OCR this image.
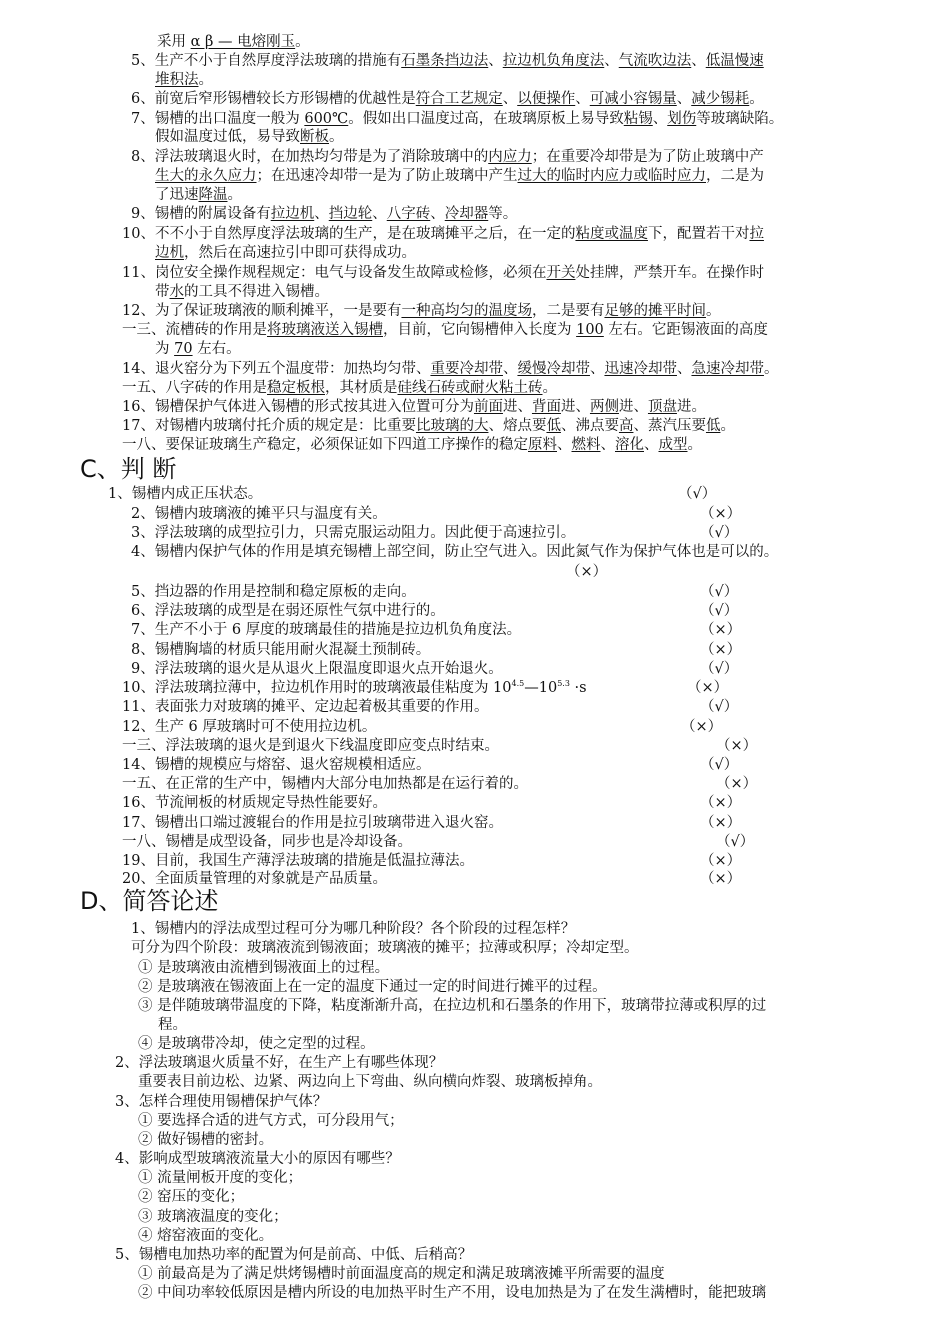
采用 α β — 电熔刚玉。
5、生产不小于自然厚度浮法玻璃的措施有石墨条挡边法、拉边机负角度法、气流吹边法、低温慢速
堆积法。
6、前宽后窄形锡槽较长方形锡槽的优越性是符合工艺规定、以便操作、可减小容锡量、减少锡耗。
7、锡槽的出口温度一般为 600℃。假如出口温度过高，在玻璃原板上易导致粘锡、划伤等玻璃缺陷。
假如温度过低，易导致断板。
8、浮法玻璃退火时，在加热均匀带是为了消除玻璃中的内应力；在重要冷却带是为了防止玻璃中产
生大的永久应力；在迅速冷却带一是为了防止玻璃中产生过大的临时内应力或临时应力，二是为
了迅速降温。
9、锡槽的附属设备有拉边机、挡边轮、八字砖、冷却器等。
10、不不小于自然厚度浮法玻璃的生产，是在玻璃摊平之后，在一定的粘度或温度下，配置若干对拉
边机，然后在高速拉引中即可获得成功。
11、岗位安全操作规程规定：电气与设备发生故障或检修，必须在开关处挂牌，严禁开车。在操作时
带水的工具不得进入锡槽。
12、为了保证玻璃液的顺利摊平，一是要有一种高均匀的温度场，二是要有足够的摊平时间。
一三、流槽砖的作用是将玻璃液送入锡槽，目前，它向锡槽伸入长度为 100 左右。它距锡液面的高度
为 70 左右。
14、退火窑分为下列五个温度带：加热均匀带、重要冷却带、缓慢冷却带、迅速冷却带、急速冷却带。
一五、八字砖的作用是稳定板根，其材质是硅线石砖或耐火粘土砖。
16、锡槽保护气体进入锡槽的形式按其进入位置可分为前面进、背面进、两侧进、顶盘进。
17、对锡槽内玻璃付托介质的规定是：比重要比玻璃的大、熔点要低、沸点要高、蒸汽压要低。
一八、要保证玻璃生产稳定，必须保证如下四道工序操作的稳定原料、燃料、溶化、成型。
C、判 断
1、锡槽内成正压状态。	（√）
2、锡槽内玻璃液的摊平只与温度有关。	（×）
3、浮法玻璃的成型拉引力，只需克服运动阻力。因此便于高速拉引。	（√）
4、锡槽内保护气体的作用是填充锡槽上部空间，防止空气进入。因此氮气作为保护气体也是可以的。
（×）
5、挡边器的作用是控制和稳定原板的走向。	（√）
6、浮法玻璃的成型是在弱还原性气氛中进行的。	（√）
7、生产不小于 6 厚度的玻璃最佳的措施是拉边机负角度法。	（×）
8、锡槽胸墙的材质只能用耐火混凝土预制砖。	（×）
9、浮法玻璃的退火是从退火上限温度即退火点开始退火。	（√）
10、浮法玻璃拉薄中，拉边机作用时的玻璃液最佳粘度为 $10^{4.5}—10^{5.3} \cdot s$	（×）
11、表面张力对玻璃的摊平、定边起着极其重要的作用。	（√）
12、生产 6 厚玻璃时可不使用拉边机。	（×）
一三、浮法玻璃的退火是到退火下线温度即应变点时结束。	（×）
14、锡槽的规模应与熔窑、退火窑规模相适应。	（√）
一五、在正常的生产中，锡槽内大部分电加热都是在运行着的。	（×）
16、节流闸板的材质规定导热性能要好。	（×）
17、锡槽出口端过渡辊台的作用是拉引玻璃带进入退火窑。	（×）
一八、锡槽是成型设备，同步也是冷却设备。	（√）
19、目前，我国生产薄浮法玻璃的措施是低温拉薄法。	（×）
20、全面质量管理的对象就是产品质量。	（×）
D、简答论述
1、锡槽内的浮法成型过程可分为哪几种阶段？各个阶段的过程怎样？
可分为四个阶段：玻璃液流到锡液面；玻璃液的摊平；拉薄或积厚；冷却定型。
① 是玻璃液由流槽到锡液面上的过程。
② 是玻璃液在锡液面上在一定的温度下通过一定的时间进行摊平的过程。
③ 是伴随玻璃带温度的下降，粘度渐渐升高，在拉边机和石墨条的作用下，玻璃带拉薄或积厚的过
程。
④ 是玻璃带冷却，使之定型的过程。
2、浮法玻璃退火质量不好，在生产上有哪些体现？
重要表目前边松、边紧、两边向上下弯曲、纵向横向炸裂、玻璃板掉角。
3、怎样合理使用锡槽保护气体？
① 要选择合适的进气方式，可分段用气；
② 做好锡槽的密封。
4、影响成型玻璃液流量大小的原因有哪些？
① 流量闸板开度的变化；
② 窑压的变化；
③ 玻璃液温度的变化；
④ 熔窑液面的变化。
5、锡槽电加热功率的配置为何是前高、中低、后稍高？
① 前最高是为了满足烘烤锡槽时前面温度高的规定和满足玻璃液摊平所需要的温度
② 中间功率较低原因是槽内所设的电加热平时生产不用，设电加热是为了在发生满槽时，能把玻璃
